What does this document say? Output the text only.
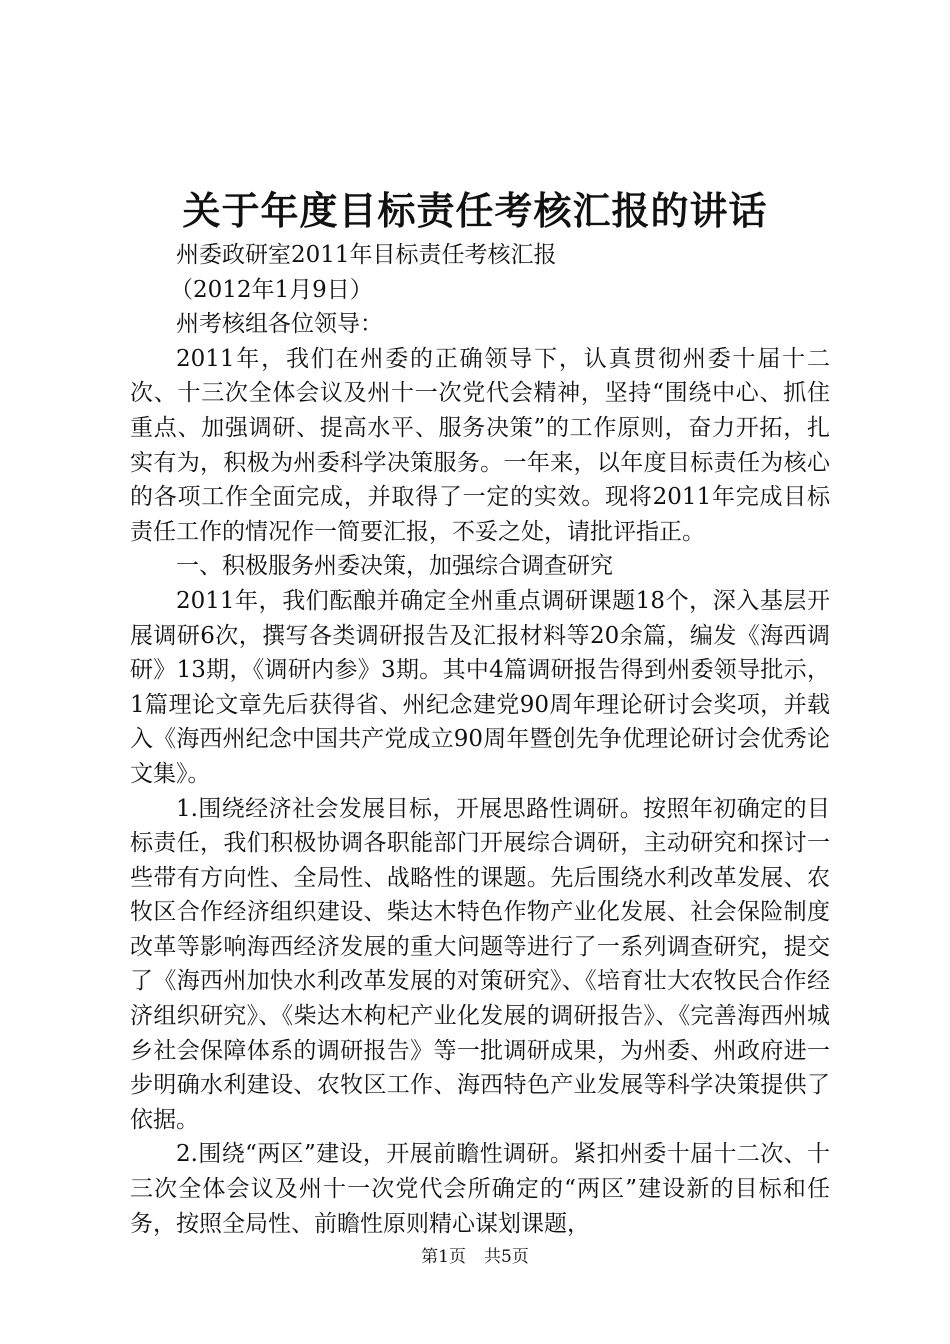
关于年度目标责任考核汇报的讲话

州委政研室2011年目标责任考核汇报

（2012年1月9日）

州考核组各位领导：

2011年，我们在州委的正确领导下，认真贯彻州委十届十二次、十三次全体会议及州十一次党代会精神，坚持“围绕中心、抓住重点、加强调研、提高水平、服务决策”的工作原则，奋力开拓，扎实有为，积极为州委科学决策服务。一年来，以年度目标责任为核心的各项工作全面完成，并取得了一定的实效。现将2011年完成目标责任工作的情况作一简要汇报，不妥之处，请批评指正。

一、积极服务州委决策，加强综合调查研究

2011年，我们酝酿并确定全州重点调研课题18个，深入基层开展调研6次，撰写各类调研报告及汇报材料等20余篇，编发《海西调研》13期，《调研内参》3期。其中4篇调研报告得到州委领导批示，1篇理论文章先后获得省、州纪念建党90周年理论研讨会奖项，并载入《海西州纪念中国共产党成立90周年暨创先争优理论研讨会优秀论文集》。

1.围绕经济社会发展目标，开展思路性调研。按照年初确定的目标责任，我们积极协调各职能部门开展综合调研，主动研究和探讨一些带有方向性、全局性、战略性的课题。先后围绕水利改革发展、农牧区合作经济组织建设、柴达木特色作物产业化发展、社会保险制度改革等影响海西经济发展的重大问题等进行了一系列调查研究，提交了《海西州加快水利改革发展的对策研究》、《培育壮大农牧民合作经济组织研究》、《柴达木枸杞产业化发展的调研报告》、《完善海西州城乡社会保障体系的调研报告》等一批调研成果，为州委、州政府进一步明确水利建设、农牧区工作、海西特色产业发展等科学决策提供了依据。

2.围绕“两区”建设，开展前瞻性调研。紧扣州委十届十二次、十三次全体会议及州十一次党代会所确定的“两区”建设新的目标和任务，按照全局性、前瞻性原则精心谋划课题，

第1页 共5页
